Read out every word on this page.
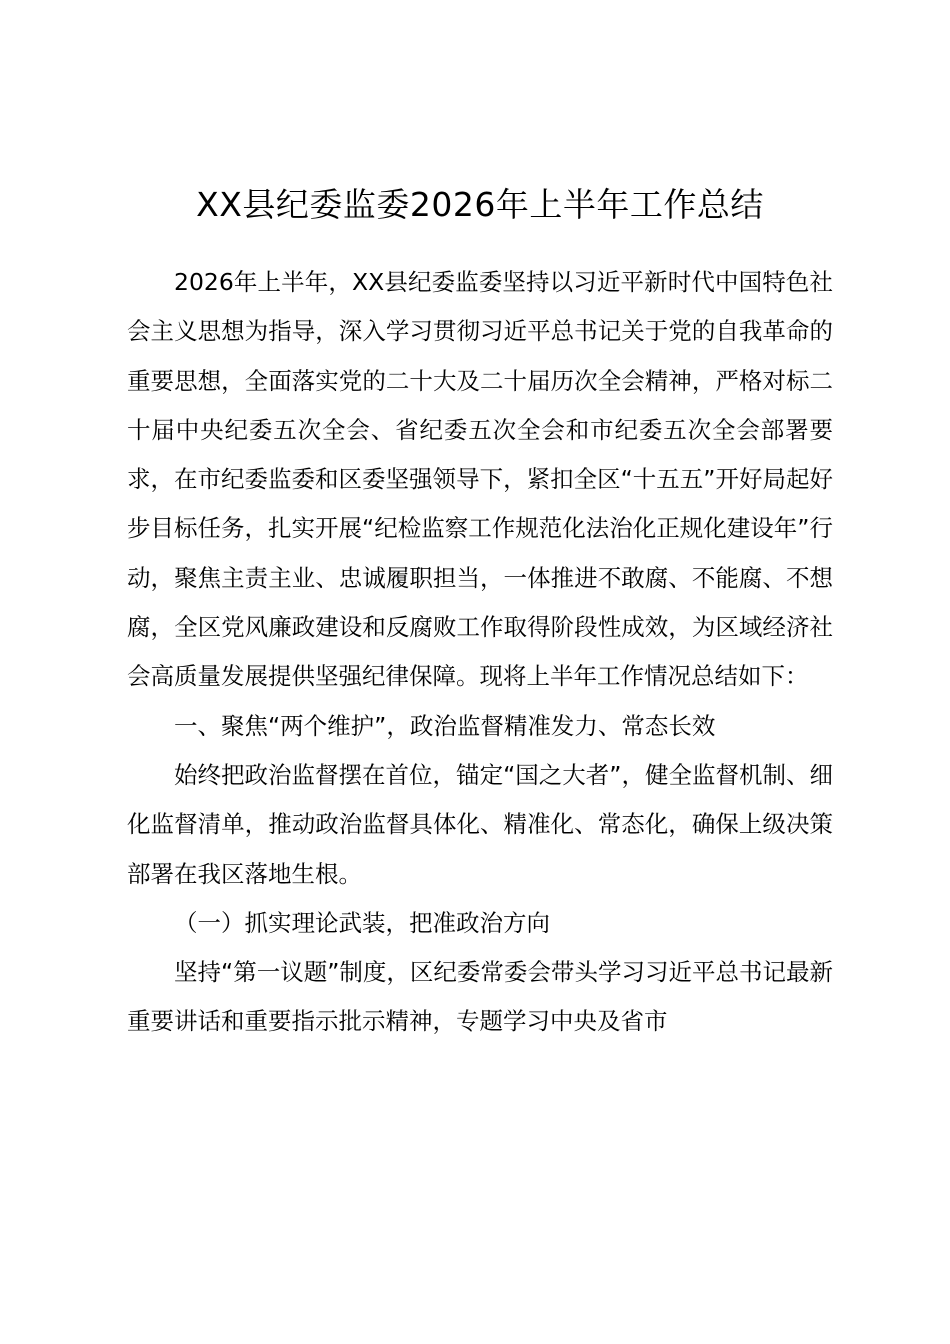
XX县纪委监委2026年上半年工作总结

2026年上半年，XX县纪委监委坚持以习近平新时代中国特色社会主义思想为指导，深入学习贯彻习近平总书记关于党的自我革命的重要思想，全面落实党的二十大及二十届历次全会精神，严格对标二十届中央纪委五次全会、省纪委五次全会和市纪委五次全会部署要求，在市纪委监委和区委坚强领导下，紧扣全区“十五五”开好局起好步目标任务，扎实开展“纪检监察工作规范化法治化正规化建设年”行动，聚焦主责主业、忠诚履职担当，一体推进不敢腐、不能腐、不想腐，全区党风廉政建设和反腐败工作取得阶段性成效，为区域经济社会高质量发展提供坚强纪律保障。现将上半年工作情况总结如下：

一、聚焦“两个维护”，政治监督精准发力、常态长效

始终把政治监督摆在首位，锚定“国之大者”，健全监督机制、细化监督清单，推动政治监督具体化、精准化、常态化，确保上级决策部署在我区落地生根。

（一）抓实理论武装，把准政治方向

坚持“第一议题”制度，区纪委常委会带头学习习近平总书记最新重要讲话和重要指示批示精神，专题学习中央及省市
